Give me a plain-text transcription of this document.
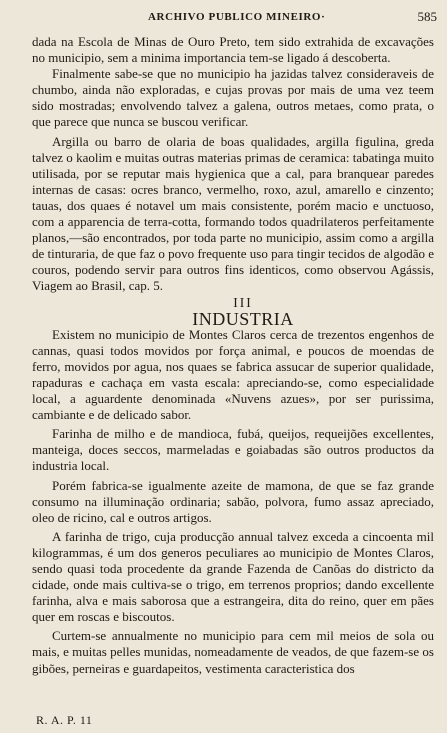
ARCHIVO PUBLICO MINEIRO·	585

dada na Escola de Minas de Ouro Preto, tem sido extrahida de excavações no municipio, sem a minima importancia tem-se ligado á descoberta.

Finalmente sabe-se que no municipio ha jazidas talvez consideraveis de chumbo, ainda não exploradas, e cujas provas por mais de uma vez teem sido mostradas; envolvendo talvez a galena, outros metaes, como prata, o que parece que nunca se buscou verificar.

Argilla ou barro de olaria de boas qualidades, argilla figulina, greda talvez o kaolim e muitas outras materias primas de ceramica: tabatinga muito utilisada, por se reputar mais hygienica que a cal, para branquear paredes internas de casas: ocres branco, vermelho, roxo, azul, amarello e cinzento; tauas, dos quaes é notavel um mais consistente, porém macio e unctuoso, com a apparencia de terra-cotta, formando todos quadrilateros perfeitamente planos,—são encontrados, por toda parte no municipio, assim como a argilla de tinturaria, de que faz o povo frequente uso para tingir tecidos de algodão e couros, podendo servir para outros fins identicos, como observou Agássis, Viagem ao Brasil, cap. 5.

III

INDUSTRIA

Existem no municipio de Montes Claros cerca de trezentos engenhos de cannas, quasi todos movidos por força animal, e poucos de moendas de ferro, movidos por agua, nos quaes se fabrica assucar de superior qualidade, rapaduras e cachaça em vasta escala: apreciando-se, como especialidade local, a aguardente denominada «Nuvens azues», por ser purissima, cambiante e de delicado sabor.

Farinha de milho e de mandioca, fubá, queijos, requeijões excellentes, manteiga, doces seccos, marmeladas e goiabadas são outros productos da industria local.

Porém fabrica-se igualmente azeite de mamona, de que se faz grande consumo na illuminação ordinaria; sabão, polvora, fumo assaz apreciado, oleo de ricino, cal e outros artigos.

A farinha de trigo, cuja producção annual talvez exceda a cincoenta mil kilogrammas, é um dos generos peculiares ao municipio de Montes Claros, sendo quasi toda procedente da grande Fazenda de Canõas do districto da cidade, onde mais cultiva-se o trigo, em terrenos proprios; dando excellente farinha, alva e mais saborosa que a estrangeira, dita do reino, quer em pães quer em roscas e biscoutos.

Curtem-se annualmente no municipio para cem mil meios de sola ou mais, e muitas pelles munidas, nomeadamente de veados, de que fazem-se os gibões, perneiras e guardapeitos, vestimenta caracteristica dos

R. A. P. 11
